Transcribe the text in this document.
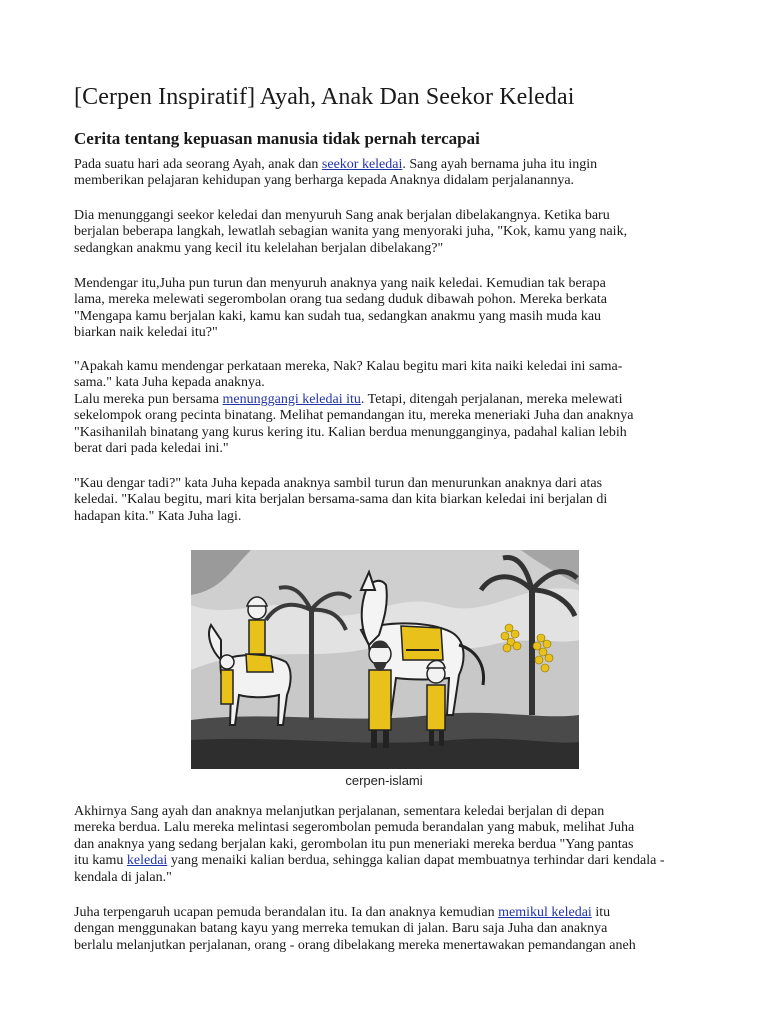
[Cerpen Inspiratif] Ayah, Anak Dan Seekor Keledai
Cerita tentang kepuasan manusia tidak pernah tercapai

Pada suatu hari ada seorang Ayah, anak dan seekor keledai. Sang ayah bernama juha itu ingin
memberikan pelajaran kehidupan yang berharga kepada Anaknya didalam perjalanannya.

Dia menunggangi seekor keledai dan menyuruh Sang anak berjalan dibelakangnya. Ketika baru
berjalan beberapa langkah, lewatlah sebagian wanita yang menyoraki juha, "Kok, kamu yang naik,
sedangkan anakmu yang kecil itu kelelahan berjalan dibelakang?"

Mendengar itu,Juha pun turun dan menyuruh anaknya yang naik keledai. Kemudian tak berapa
lama, mereka melewati segerombolan orang tua sedang duduk dibawah pohon. Mereka berkata
"Mengapa kamu berjalan kaki, kamu kan sudah tua, sedangkan anakmu yang masih muda kau
biarkan naik keledai itu?"

"Apakah kamu mendengar perkataan mereka, Nak? Kalau begitu mari kita naiki keledai ini sama-
sama." kata Juha kepada anaknya.
Lalu mereka pun bersama menunggangi keledai itu. Tetapi, ditengah perjalanan, mereka melewati
sekelompok orang pecinta binatang. Melihat pemandangan itu, mereka meneriaki Juha dan anaknya
"Kasihanilah binatang yang kurus kering itu. Kalian berdua menungganginya, padahal kalian lebih
berat dari pada keledai ini."

"Kau dengar tadi?" kata Juha kepada anaknya sambil turun dan menurunkan anaknya dari atas
keledai. "Kalau begitu, mari kita berjalan bersama-sama dan kita biarkan keledai ini berjalan di
hadapan kita." Kata Juha lagi.

cerpen-islami

Akhirnya Sang ayah dan anaknya melanjutkan perjalanan, sementara keledai berjalan di depan
mereka berdua. Lalu mereka melintasi segerombolan pemuda berandalan yang mabuk, melihat Juha
dan anaknya yang sedang berjalan kaki, gerombolan itu pun meneriaki mereka berdua "Yang pantas
itu kamu keledai yang menaiki kalian berdua, sehingga kalian dapat membuatnya terhindar dari kendala -
kendala di jalan."

Juha terpengaruh ucapan pemuda berandalan itu. Ia dan anaknya kemudian memikul keledai itu
dengan menggunakan batang kayu yang merreka temukan di jalan. Baru saja Juha dan anaknya
berlalu melanjutkan perjalanan, orang - orang dibelakang mereka menertawakan pemandangan aneh
